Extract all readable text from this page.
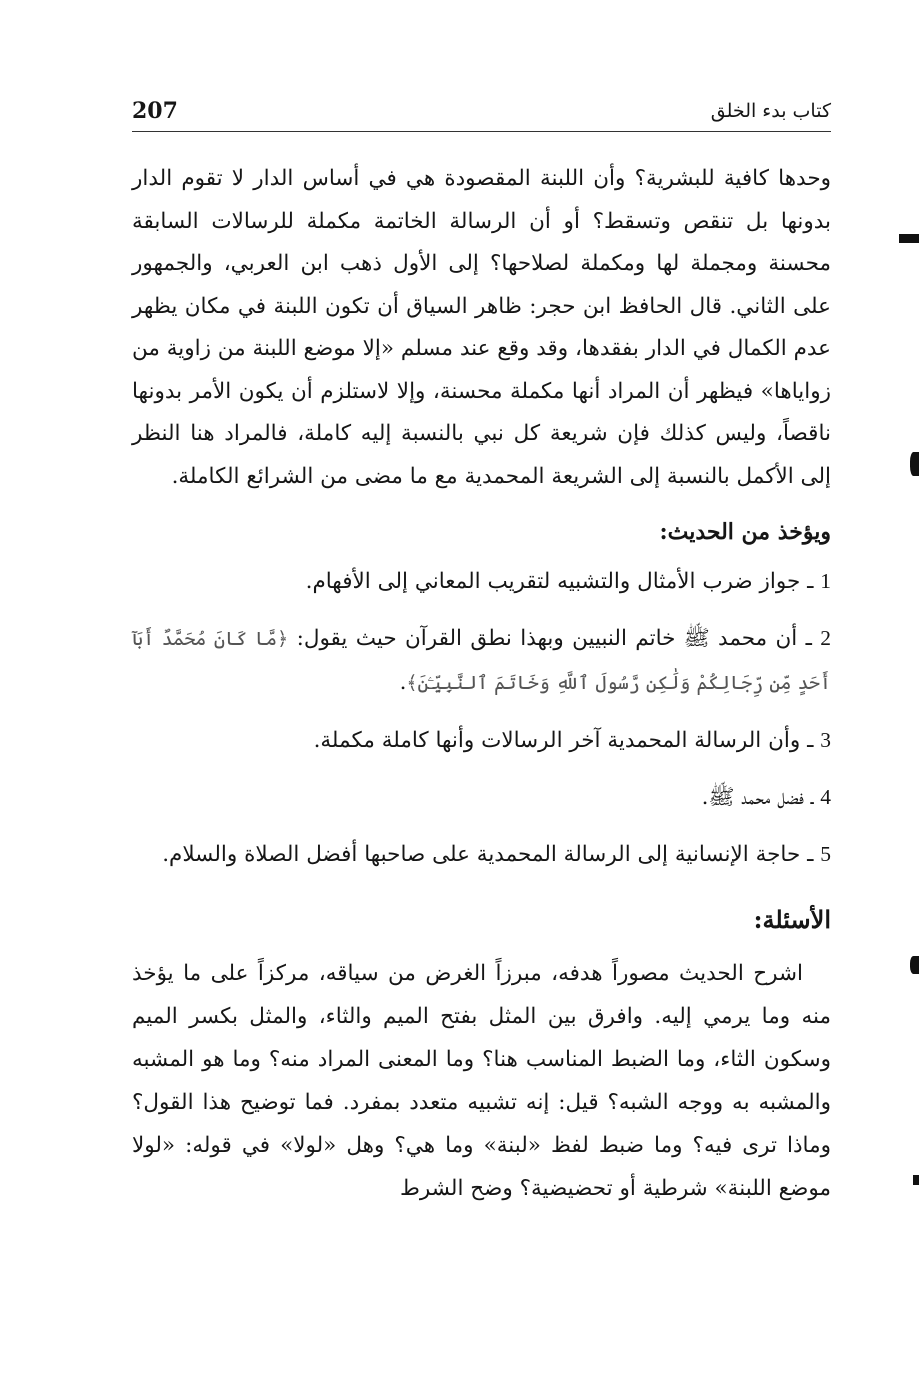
207	كتاب بدء الخلق

وحدها كافية للبشرية؟ وأن اللبنة المقصودة هي في أساس الدار لا تقوم الدار بدونها بل تنقص وتسقط؟ أو أن الرسالة الخاتمة مكملة للرسالات السابقة محسنة ومجملة لها ومكملة لصلاحها؟ إلى الأول ذهب ابن العربي، والجمهور على الثاني. قال الحافظ ابن حجر: ظاهر السياق أن تكون اللبنة في مكان يظهر عدم الكمال في الدار بفقدها، وقد وقع عند مسلم «إلا موضع اللبنة من زاوية من زواياها» فيظهر أن المراد أنها مكملة محسنة، وإلا لاستلزم أن يكون الأمر بدونها ناقصاً، وليس كذلك فإن شريعة كل نبي بالنسبة إليه كاملة، فالمراد هنا النظر إلى الأكمل بالنسبة إلى الشريعة المحمدية مع ما مضى من الشرائع الكاملة.

ويؤخذ من الحديث:

1 ـ جواز ضرب الأمثال والتشبيه لتقريب المعاني إلى الأفهام.

2 ـ أن محمد ﷺ خاتم النبيين وبهذا نطق القرآن حيث يقول: ﴿مَّا كَانَ مُحَمَّدٌ أَبَآ أَحَدٍ مِّن رِّجَالِكُمْ وَلَٰكِن رَّسُولَ ٱللَّهِ وَخَاتَمَ ٱلنَّبِيِّـۧنَ﴾.

3 ـ وأن الرسالة المحمدية آخر الرسالات وأنها كاملة مكملة.

4 ـ فضل محمد ﷺ.

5 ـ حاجة الإنسانية إلى الرسالة المحمدية على صاحبها أفضل الصلاة والسلام.

الأسئلة:

اشرح الحديث مصوراً هدفه، مبرزاً الغرض من سياقه، مركزاً على ما يؤخذ منه وما يرمي إليه. وافرق بين المثل بفتح الميم والثاء، والمثل بكسر الميم وسكون الثاء، وما الضبط المناسب هنا؟ وما المعنى المراد منه؟ وما هو المشبه والمشبه به ووجه الشبه؟ قيل: إنه تشبيه متعدد بمفرد. فما توضيح هذا القول؟ وماذا ترى فيه؟ وما ضبط لفظ «لبنة» وما هي؟ وهل «لولا» في قوله: «لولا موضع اللبنة» شرطية أو تحضيضية؟ وضح الشرط
